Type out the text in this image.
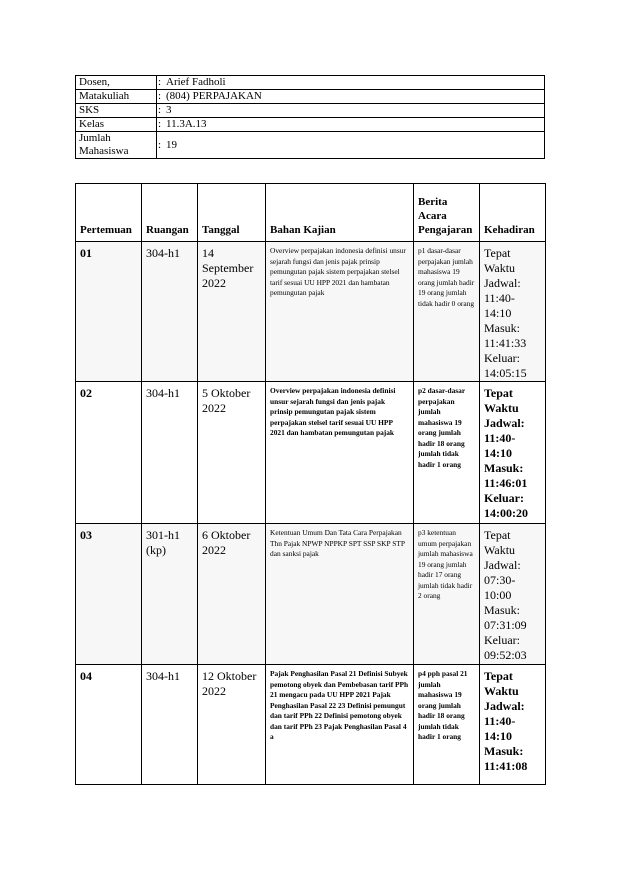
Dosen,	:	Arief Fadholi
Matakuliah	:	(804) PERPAJAKAN
SKS	:	3
Kelas	:	11.3A.13
Jumlah Mahasiswa	:	19
Pertemuan	Ruangan	Tanggal	Bahan Kajian	Berita Acara Pengajaran	Kehadiran
01	304-h1	14 September 2022	Overview perpajakan indonesia definisi unsur sejarah fungsi dan jenis pajak prinsip pemungutan pajak sistem perpajakan stelsel tarif sesuai UU HPP 2021 dan hambatan pemungutan pajak	p1 dasar-dasar perpajakan jumlah mahasiswa 19 orang jumlah hadir 19 orang jumlah tidak hadir 0 orang	Tepat Waktu Jadwal: 11:40-14:10 Masuk: 11:41:33 Keluar: 14:05:15
02	304-h1	5 Oktober 2022	Overview perpajakan indonesia definisi unsur sejarah fungsi dan jenis pajak prinsip pemungutan pajak sistem perpajakan stelsel tarif sesuai UU HPP 2021 dan hambatan pemungutan pajak	p2 dasar-dasar perpajakan jumlah mahasiswa 19 orang jumlah hadir 18 orang jumlah tidak hadir 1 orang	Tepat Waktu Jadwal: 11:40-14:10 Masuk: 11:46:01 Keluar: 14:00:20
03	301-h1 (kp)	6 Oktober 2022	Ketentuan Umum Dan Tata Cara Perpajakan Thn Pajak NPWP NPPKP SPT SSP SKP STP dan sanksi pajak	p3 ketentuan umum perpajakan jumlah mahasiswa 19 orang jumlah hadir 17 orang jumlah tidak hadir 2 orang	Tepat Waktu Jadwal: 07:30-10:00 Masuk: 07:31:09 Keluar: 09:52:03
04	304-h1	12 Oktober 2022	Pajak Penghasilan Pasal 21 Definisi Subyek pemotong obyek dan Pembebasan tarif PPh 21 mengacu pada UU HPP 2021 Pajak Penghasilan Pasal 22 23 Definisi pemungut dan tarif PPh 22 Definisi pemotong obyek dan tarif PPh 23 Pajak Penghasilan Pasal 4 a	p4 pph pasal 21 jumlah mahasiswa 19 orang jumlah hadir 18 orang jumlah tidak hadir 1 orang	Tepat Waktu Jadwal: 11:40-14:10 Masuk: 11:41:08
